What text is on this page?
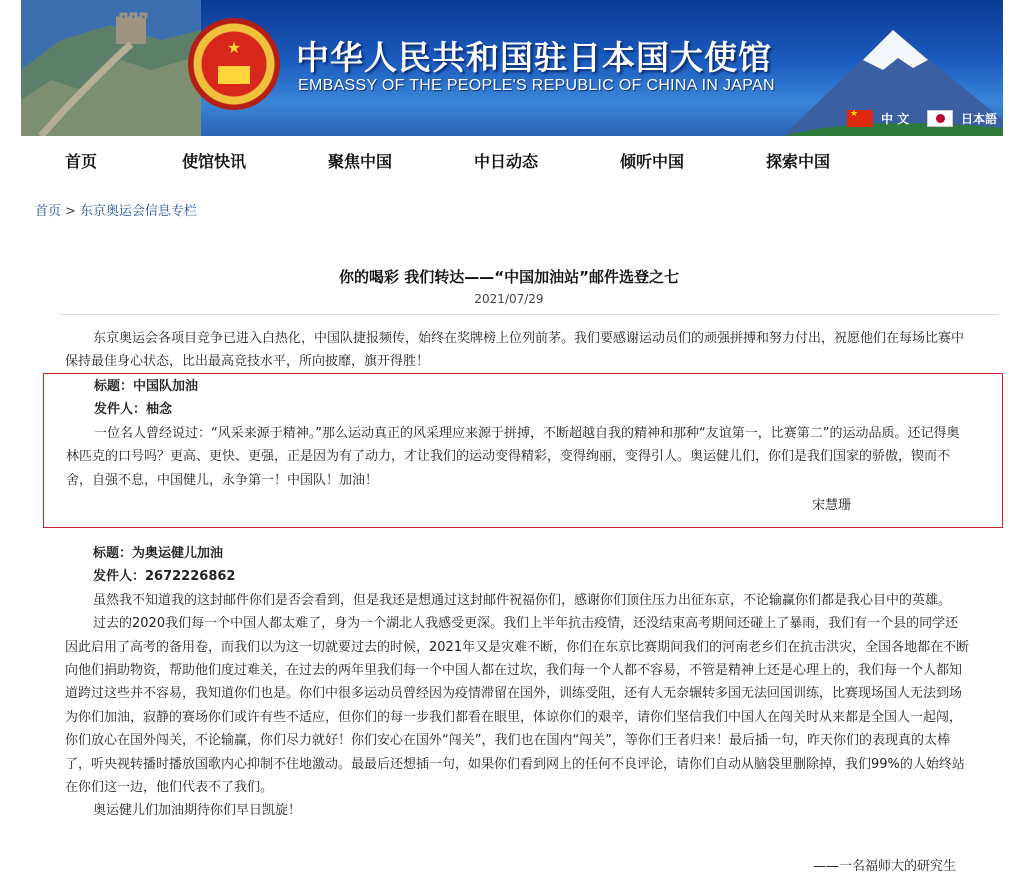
★	中华人民共和国驻日本国大使馆
EMBASSY OF THE PEOPLE'S REPUBLIC OF CHINA IN JAPAN
★
中 文	日本語
首页	使馆快讯	聚焦中国	中日动态	倾听中国	探索中国
首页 > 东京奥运会信息专栏
你的喝彩 我们转达——“中国加油站”邮件选登之七
2021/07/29

东京奥运会各项目竞争已进入白热化，中国队捷报频传，始终在奖牌榜上位列前茅。我们要感谢运动员们的顽强拼搏和努力付出，祝愿他们在每场比赛中保持最佳身心状态，比出最高竞技水平，所向披靡，旗开得胜！

标题：中国队加油
发件人：柚念

一位名人曾经说过：“风采来源于精神。”那么运动真正的风采理应来源于拼搏，不断超越自我的精神和那种“友谊第一，比赛第二”的运动品质。还记得奥林匹克的口号吗？更高、更快、更强，正是因为有了动力，才让我们的运动变得精彩，变得绚丽，变得引人。奥运健儿们，你们是我们国家的骄傲，锲而不舍，自强不息，中国健儿，永争第一！中国队！加油！

宋慧珊
标题：为奥运健儿加油
发件人：2672226862

虽然我不知道我的这封邮件你们是否会看到，但是我还是想通过这封邮件祝福你们，感谢你们顶住压力出征东京，不论输赢你们都是我心目中的英雄。

过去的2020我们每一个中国人都太难了，身为一个湖北人我感受更深。我们上半年抗击疫情，还没结束高考期间还碰上了暴雨，我们有一个县的同学还因此启用了高考的备用卷，而我们以为这一切就要过去的时候，2021年又是灾难不断，你们在东京比赛期间我们的河南老乡们在抗击洪灾，全国各地都在不断向他们捐助物资，帮助他们度过难关，在过去的两年里我们每一个中国人都在过坎，我们每一个人都不容易，不管是精神上还是心理上的，我们每一个人都知道跨过这些并不容易，我知道你们也是。你们中很多运动员曾经因为疫情滞留在国外，训练受阻，还有人无奈辗转多国无法回国训练，比赛现场国人无法到场为你们加油，寂静的赛场你们或许有些不适应，但你们的每一步我们都看在眼里，体谅你们的艰辛，请你们坚信我们中国人在闯关时从来都是全国人一起闯，你们放心在国外闯关，不论输赢，你们尽力就好！你们安心在国外“闯关”，我们也在国内“闯关”，等你们王者归来！最后插一句，昨天你们的表现真的太棒了，听央视转播时播放国歌内心抑制不住地激动。最最后还想插一句，如果你们看到网上的任何不良评论，请你们自动从脑袋里删除掉，我们99%的人始终站在你们这一边，他们代表不了我们。

奥运健儿们加油期待你们早日凯旋！

——一名福师大的研究生
